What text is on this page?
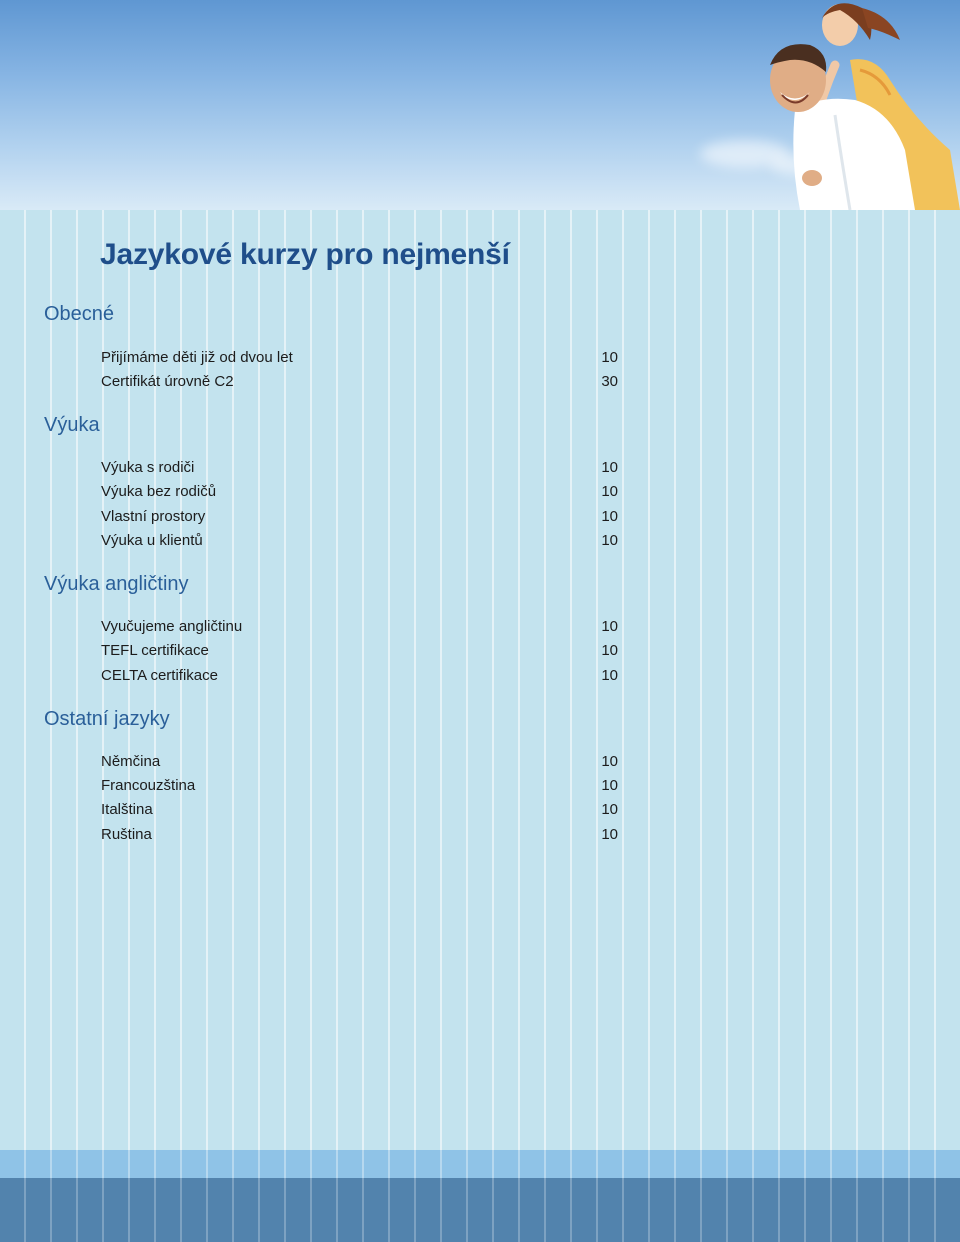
Jazykové kurzy pro nejmenší
Obecné
Přijímáme děti již od dvou let	10
Certifikát úrovně C2	30
Výuka
Výuka s rodiči	10
Výuka bez rodičů	10
Vlastní prostory	10
Výuka u klientů	10
Výuka angličtiny
Vyučujeme angličtinu	10
TEFL certifikace	10
CELTA certifikace	10
Ostatní jazyky
Němčina	10
Francouzština	10
Italština	10
Ruština	10
